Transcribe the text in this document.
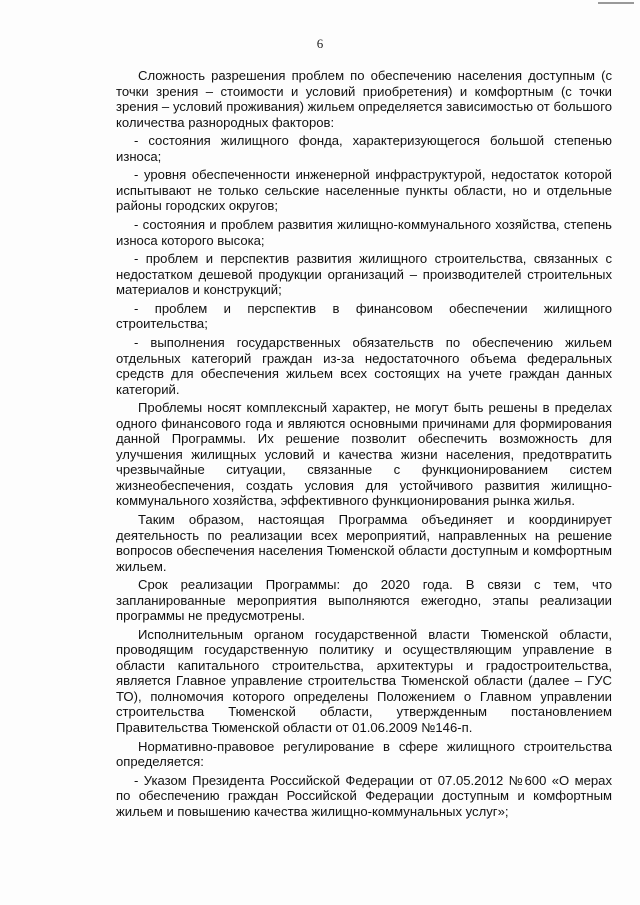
6

Сложность разрешения проблем по обеспечению населения доступным (с точки зрения – стоимости и условий приобретения) и комфортным (с точки зрения – условий проживания) жильем определяется зависимостью от большого количества разнородных факторов:

- состояния жилищного фонда, характеризующегося большой степенью износа;

- уровня обеспеченности инженерной инфраструктурой, недостаток которой испытывают не только сельские населенные пункты области, но и отдельные районы городских округов;

- состояния и проблем развития жилищно-коммунального хозяйства, степень износа которого высока;

- проблем и перспектив развития жилищного строительства, связанных с недостатком дешевой продукции организаций – производителей строительных материалов и конструкций;

- проблем и перспектив в финансовом обеспечении жилищного строительства;

- выполнения государственных обязательств по обеспечению жильем отдельных категорий граждан из-за недостаточного объема федеральных средств для обеспечения жильем всех состоящих на учете граждан данных категорий.

Проблемы носят комплексный характер, не могут быть решены в пределах одного финансового года и являются основными причинами для формирования данной Программы. Их решение позволит обеспечить возможность для улучшения жилищных условий и качества жизни населения, предотвратить чрезвычайные ситуации, связанные с функционированием систем жизнеобеспечения, создать условия для устойчивого развития жилищно-коммунального хозяйства, эффективного функционирования рынка жилья.

Таким образом, настоящая Программа объединяет и координирует деятельность по реализации всех мероприятий, направленных на решение вопросов обеспечения населения Тюменской области доступным и комфортным жильем.

Срок реализации Программы: до 2020 года. В связи с тем, что запланированные мероприятия выполняются ежегодно, этапы реализации программы не предусмотрены.

Исполнительным органом государственной власти Тюменской области, проводящим государственную политику и осуществляющим управление в области капитального строительства, архитектуры и градостроительства, является Главное управление строительства Тюменской области (далее – ГУС ТО), полномочия которого определены Положением о Главном управлении строительства Тюменской области, утвержденным постановлением Правительства Тюменской области от 01.06.2009 №146-п.

Нормативно-правовое регулирование в сфере жилищного строительства определяется:

- Указом Президента Российской Федерации от 07.05.2012 №600 «О мерах по обеспечению граждан Российской Федерации доступным и комфортным жильем и повышению качества жилищно-коммунальных услуг»;
